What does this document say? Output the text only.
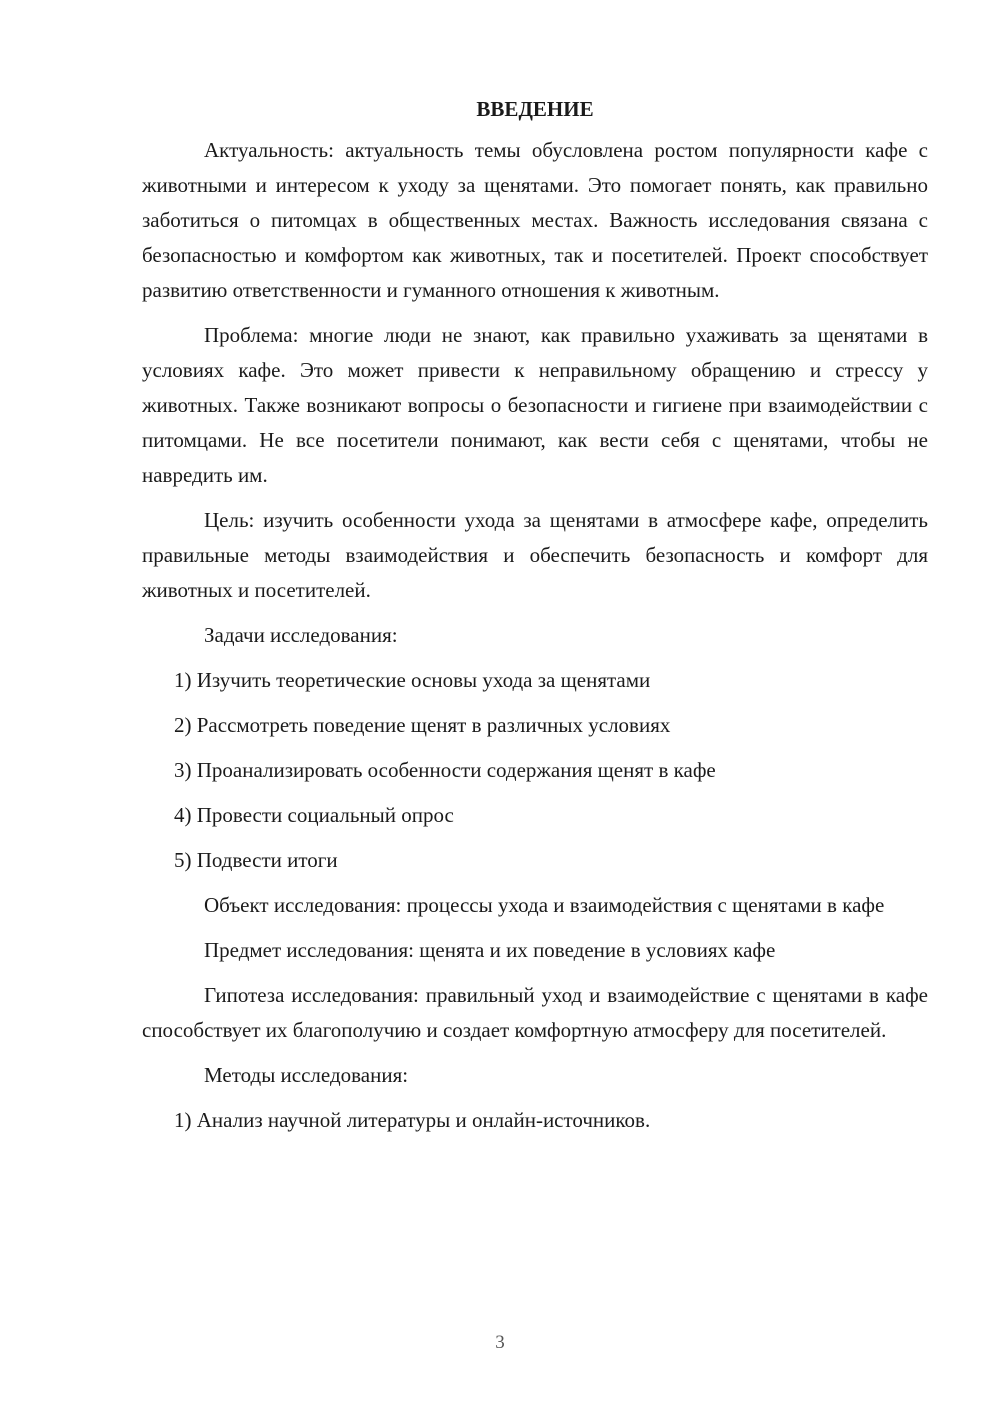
ВВЕДЕНИЕ

Актуальность: актуальность темы обусловлена ростом популярности кафе с животными и интересом к уходу за щенятами. Это помогает понять, как правильно заботиться о питомцах в общественных местах. Важность исследования связана с безопасностью и комфортом как животных, так и посетителей. Проект способствует развитию ответственности и гуманного отношения к животным.

Проблема: многие люди не знают, как правильно ухаживать за щенятами в условиях кафе. Это может привести к неправильному обращению и стрессу у животных. Также возникают вопросы о безопасности и гигиене при взаимодействии с питомцами. Не все посетители понимают, как вести себя с щенятами, чтобы не навредить им.

Цель: изучить особенности ухода за щенятами в атмосфере кафе, определить правильные методы взаимодействия и обеспечить безопасность и комфорт для животных и посетителей.

Задачи исследования:

1) Изучить теоретические основы ухода за щенятами

2) Рассмотреть поведение щенят в различных условиях

3) Проанализировать особенности содержания щенят в кафе

4) Провести социальный опрос

5) Подвести итоги

Объект исследования: процессы ухода и взаимодействия с щенятами в кафе

Предмет исследования: щенята и их поведение в условиях кафе

Гипотеза исследования: правильный уход и взаимодействие с щенятами в кафе способствует их благополучию и создает комфортную атмосферу для посетителей.

Методы исследования:

1) Анализ научной литературы и онлайн-источников.

3
